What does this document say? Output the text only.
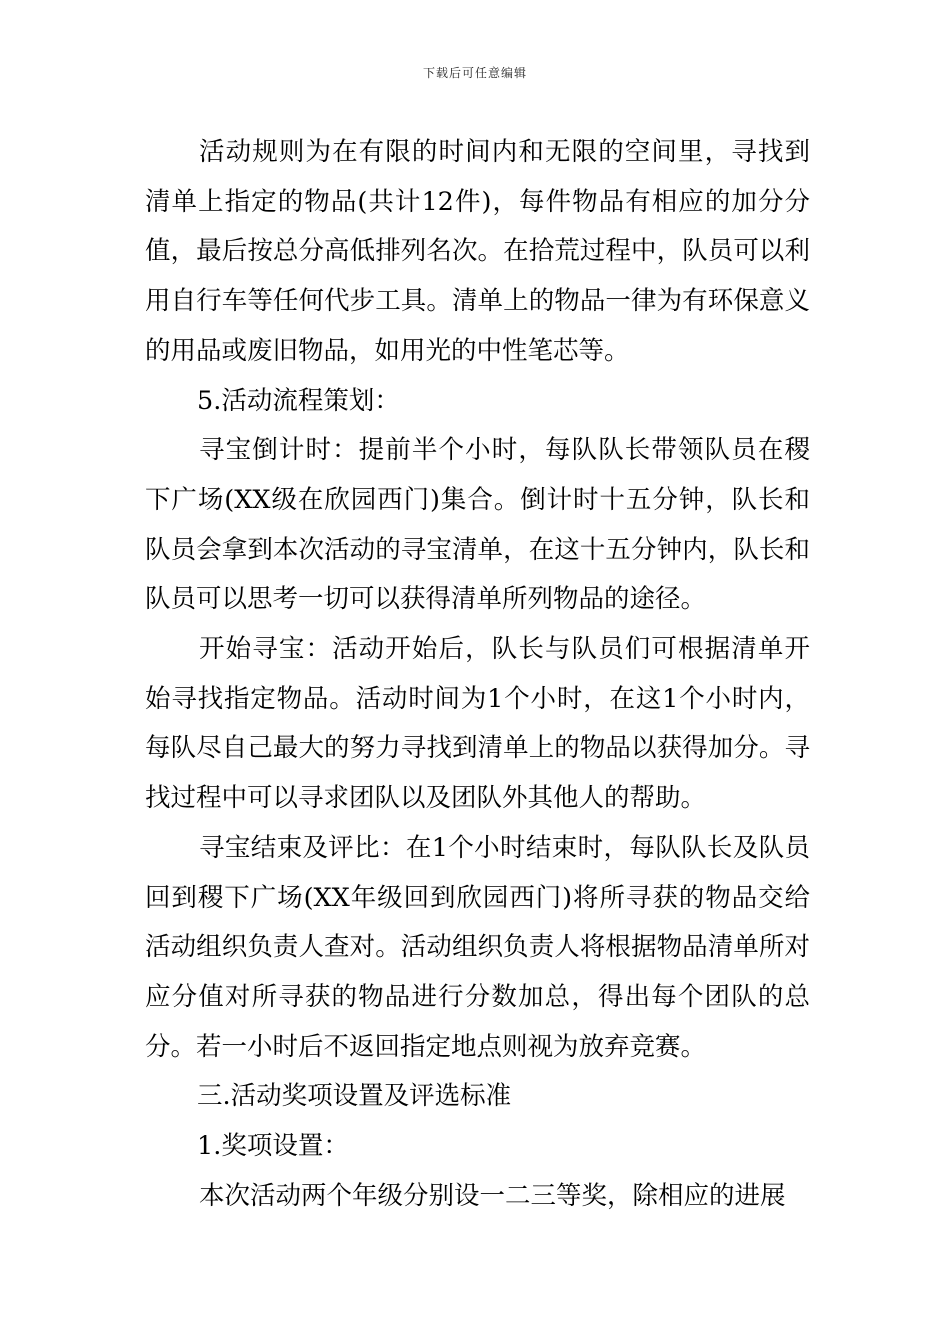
下载后可任意编辑

活动规则为在有限的时间内和无限的空间里，寻找到清单上指定的物品(共计12件)，每件物品有相应的加分分值，最后按总分高低排列名次。在拾荒过程中，队员可以利用自行车等任何代步工具。清单上的物品一律为有环保意义的用品或废旧物品，如用光的中性笔芯等。

5.活动流程策划：

寻宝倒计时：提前半个小时，每队队长带领队员在稷下广场(XX级在欣园西门)集合。倒计时十五分钟，队长和队员会拿到本次活动的寻宝清单，在这十五分钟内，队长和队员可以思考一切可以获得清单所列物品的途径。

开始寻宝：活动开始后，队长与队员们可根据清单开始寻找指定物品。活动时间为1个小时，在这1个小时内，每队尽自己最大的努力寻找到清单上的物品以获得加分。寻找过程中可以寻求团队以及团队外其他人的帮助。

寻宝结束及评比：在1个小时结束时，每队队长及队员回到稷下广场(XX年级回到欣园西门)将所寻获的物品交给活动组织负责人查对。活动组织负责人将根据物品清单所对应分值对所寻获的物品进行分数加总，得出每个团队的总分。若一小时后不返回指定地点则视为放弃竞赛。

三.活动奖项设置及评选标准

1.奖项设置：

本次活动两个年级分别设一二三等奖，除相应的进展
